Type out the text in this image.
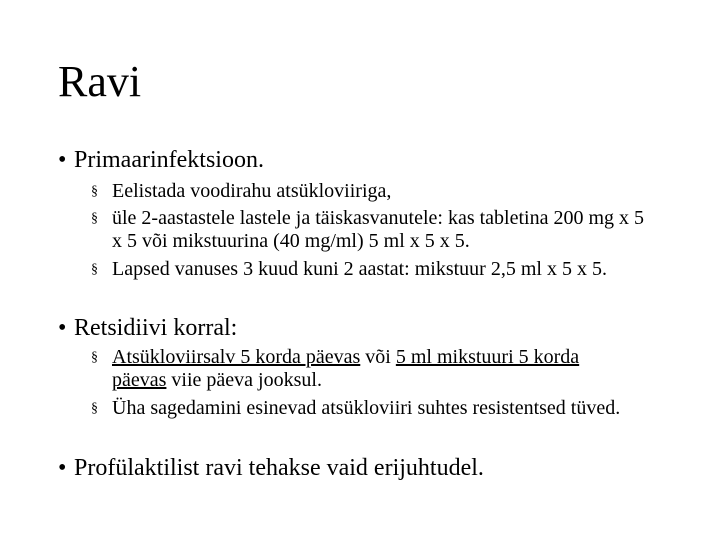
Ravi
• Primaarinfektsioon.
§ Eelistada voodirahu atsükloviiriga,
§ üle 2-aastastele lastele ja täiskasvanutele: kas tabletina 200 mg x 5 x 5 või mikstuurina (40 mg/ml) 5 ml x 5 x 5.
§ Lapsed vanuses 3 kuud kuni 2 aastat: mikstuur 2,5 ml x 5 x 5.
• Retsidiivi korral:
§ Atsükloviirsalv 5 korda päevas või 5 ml mikstuuri 5 korda päevas viie päeva jooksul.
§ Üha sagedamini esinevad atsükloviiri suhtes resistentsed tüved.
• Profülaktilist ravi tehakse vaid erijuhtudel.
